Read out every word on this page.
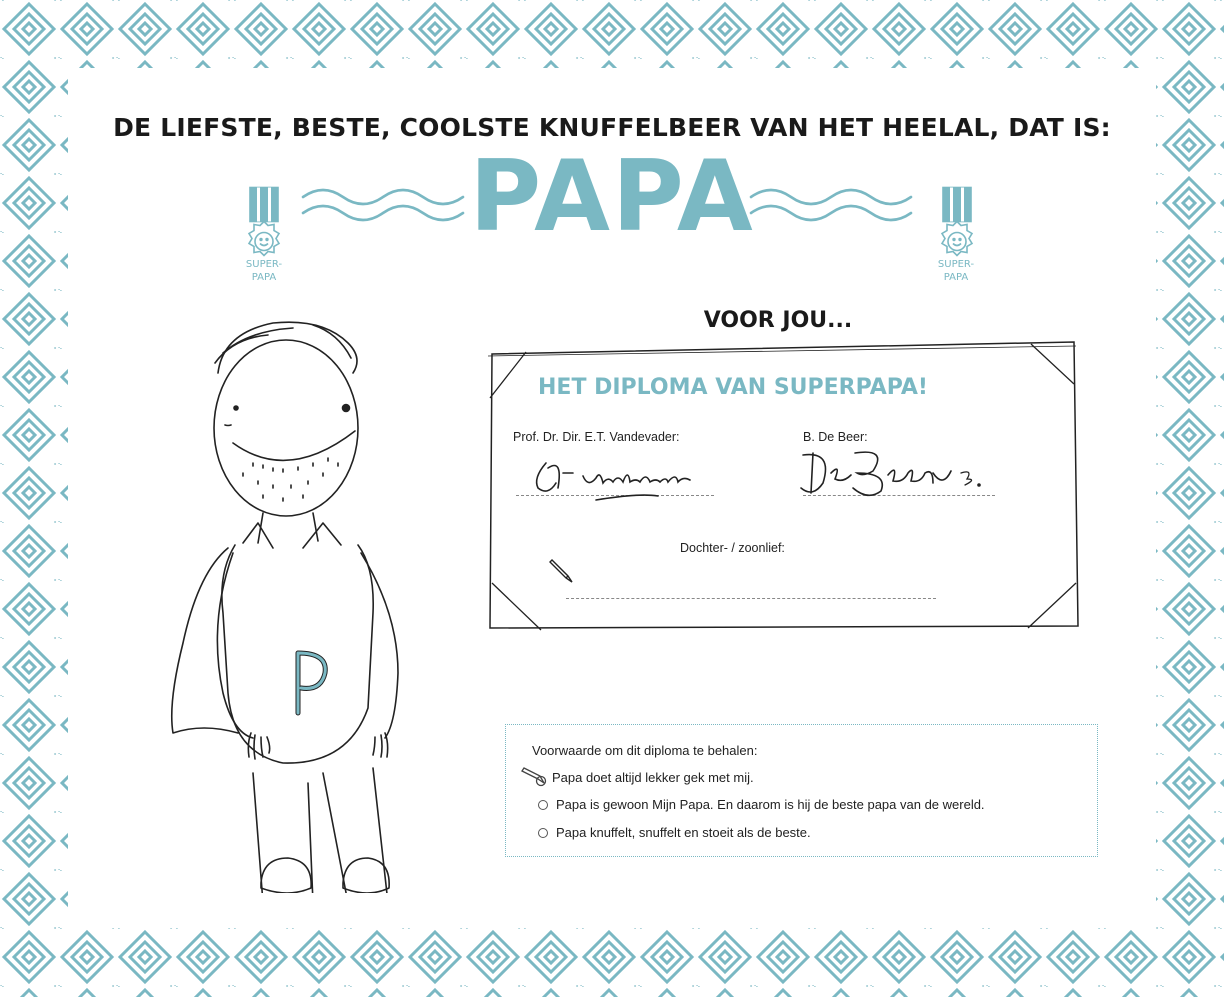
DE LIEFSTE, BESTE, COOLSTE KNUFFELBEER VAN HET HEELAL, DAT IS:
SUPER-
PAPA
PAPA
SUPER-
PAPA
VOOR JOU...
HET DIPLOMA VAN SUPERPAPA!
Prof. Dr. Dir. E.T. Vandevader:	B. De Beer:
Dochter- / zoonlief:
Voorwaarde om dit diploma te behalen:
Papa doet altijd lekker gek met mij.
Papa is gewoon Mijn Papa. En daarom is hij de beste papa van de wereld.
Papa knuffelt, snuffelt en stoeit als de beste.
